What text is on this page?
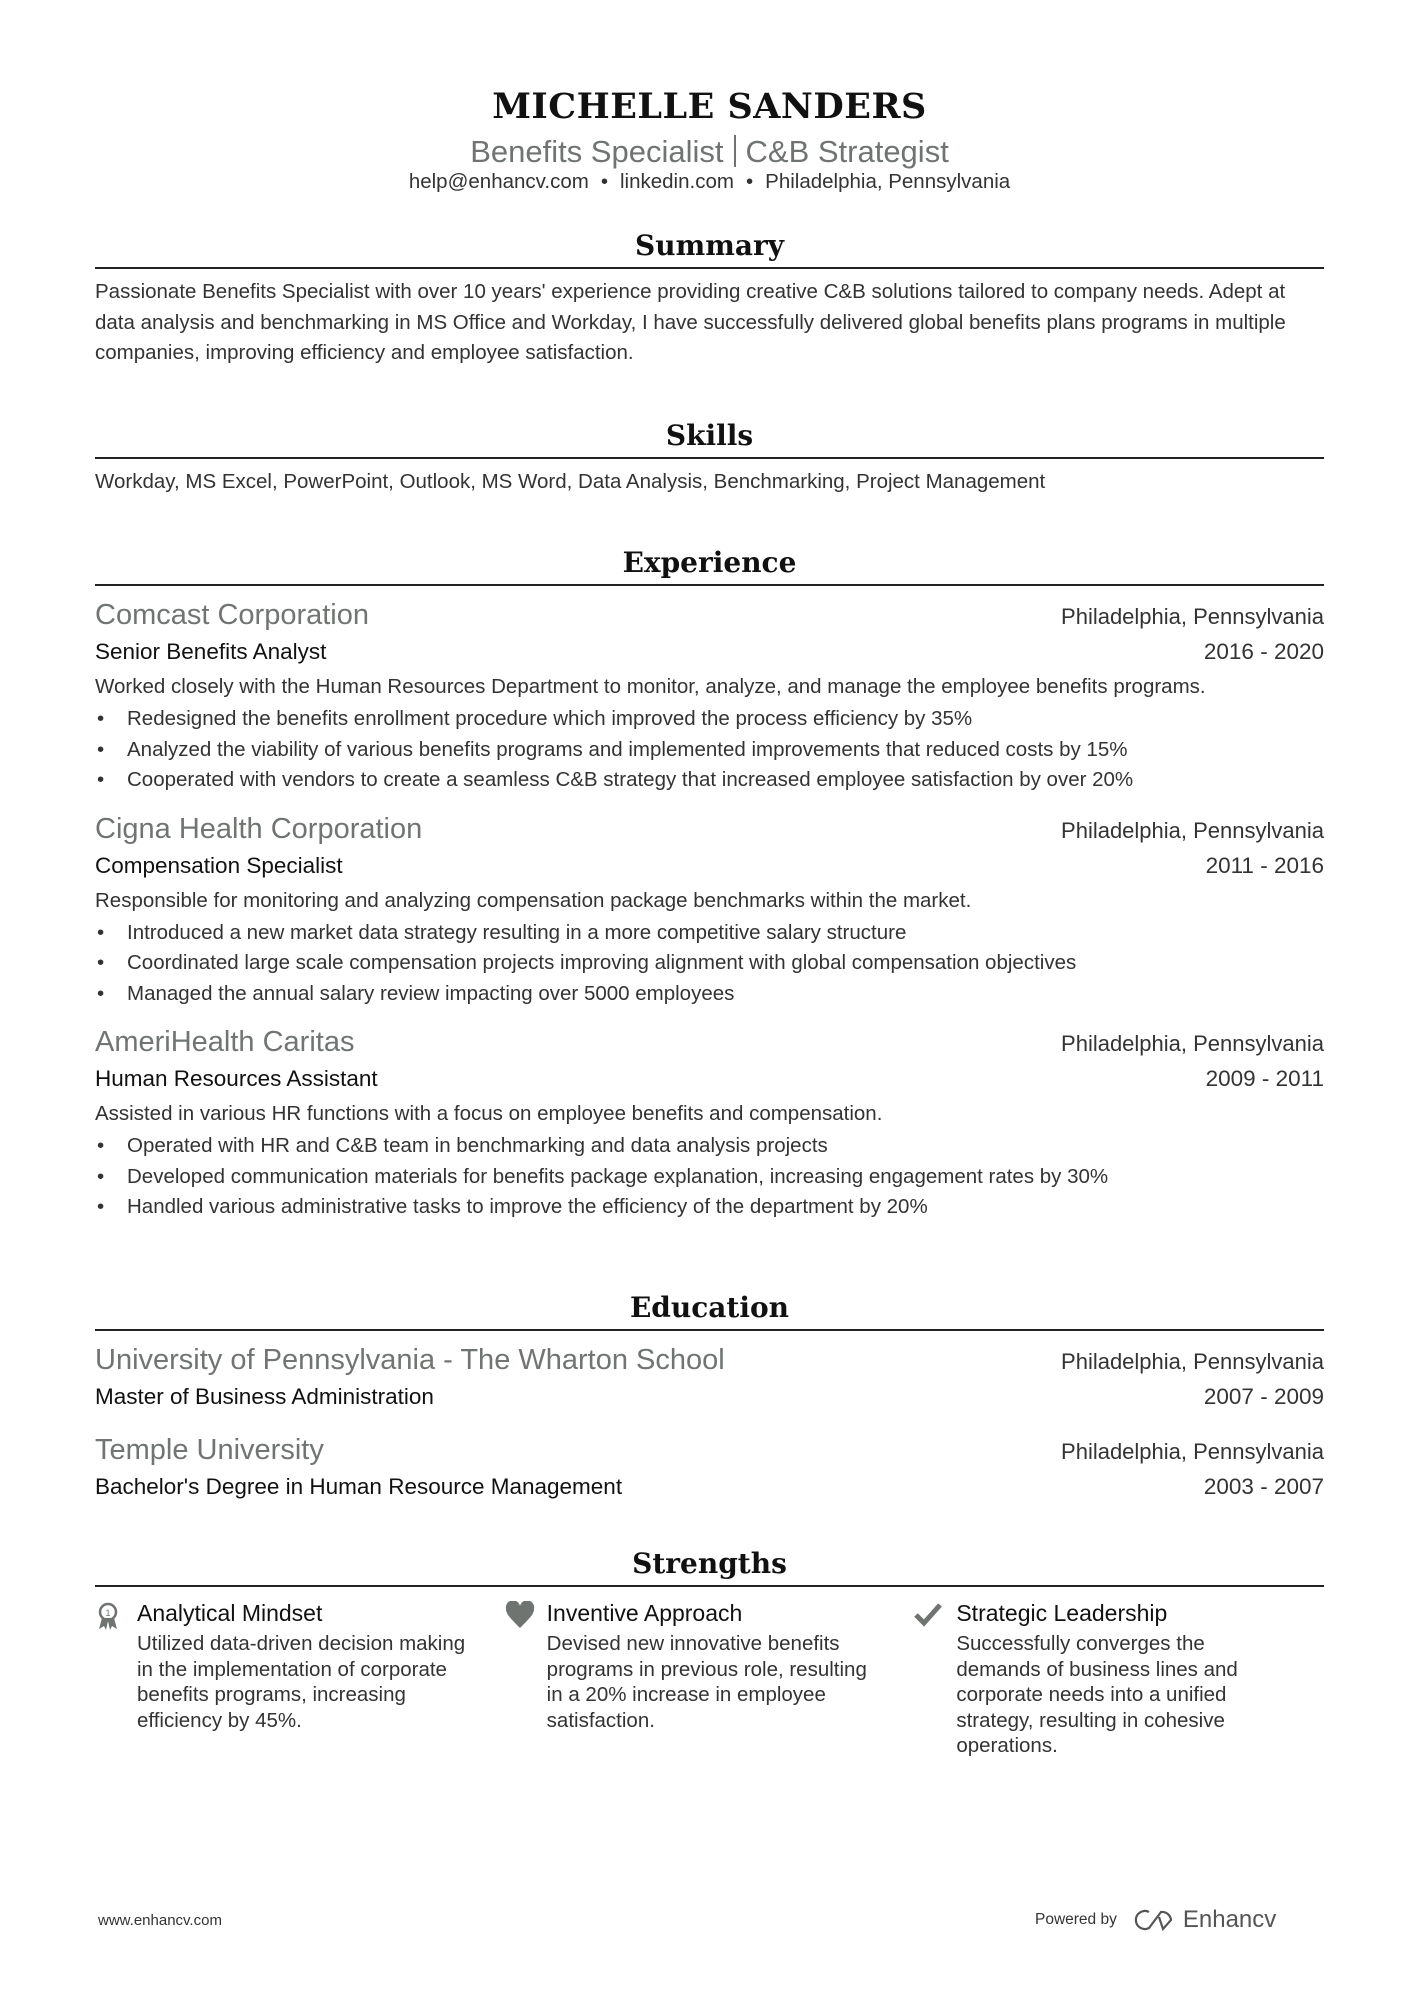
MICHELLE SANDERS
Benefits Specialist C&B Strategist
help@enhancv.com • linkedin.com • Philadelphia, Pennsylvania
Summary
Passionate Benefits Specialist with over 10 years' experience providing creative C&B solutions tailored to company needs. Adept at data analysis and benchmarking in MS Office and Workday, I have successfully delivered global benefits plans programs in multiple companies, improving efficiency and employee satisfaction.
Skills
Workday, MS Excel, PowerPoint, Outlook, MS Word, Data Analysis, Benchmarking, Project Management
Experience
Comcast Corporation	Philadelphia, Pennsylvania
Senior Benefits Analyst	2016 - 2020
Worked closely with the Human Resources Department to monitor, analyze, and manage the employee benefits programs.
• Redesigned the benefits enrollment procedure which improved the process efficiency by 35%
• Analyzed the viability of various benefits programs and implemented improvements that reduced costs by 15%
• Cooperated with vendors to create a seamless C&B strategy that increased employee satisfaction by over 20%
Cigna Health Corporation	Philadelphia, Pennsylvania
Compensation Specialist	2011 - 2016
Responsible for monitoring and analyzing compensation package benchmarks within the market.
• Introduced a new market data strategy resulting in a more competitive salary structure
• Coordinated large scale compensation projects improving alignment with global compensation objectives
• Managed the annual salary review impacting over 5000 employees
AmeriHealth Caritas	Philadelphia, Pennsylvania
Human Resources Assistant	2009 - 2011
Assisted in various HR functions with a focus on employee benefits and compensation.
• Operated with HR and C&B team in benchmarking and data analysis projects
• Developed communication materials for benefits package explanation, increasing engagement rates by 30%
• Handled various administrative tasks to improve the efficiency of the department by 20%
Education
University of Pennsylvania - The Wharton School	Philadelphia, Pennsylvania
Master of Business Administration	2007 - 2009
Temple University	Philadelphia, Pennsylvania
Bachelor's Degree in Human Resource Management	2003 - 2007
Strengths
1 Analytical Mindset
Utilized data-driven decision making in the implementation of corporate benefits programs, increasing efficiency by 45%.
Inventive Approach
Devised new innovative benefits programs in previous role, resulting in a 20% increase in employee satisfaction.
Strategic Leadership
Successfully converges the demands of business lines and corporate needs into a unified strategy, resulting in cohesive operations.
www.enhancv.com	Powered by	Enhancv
